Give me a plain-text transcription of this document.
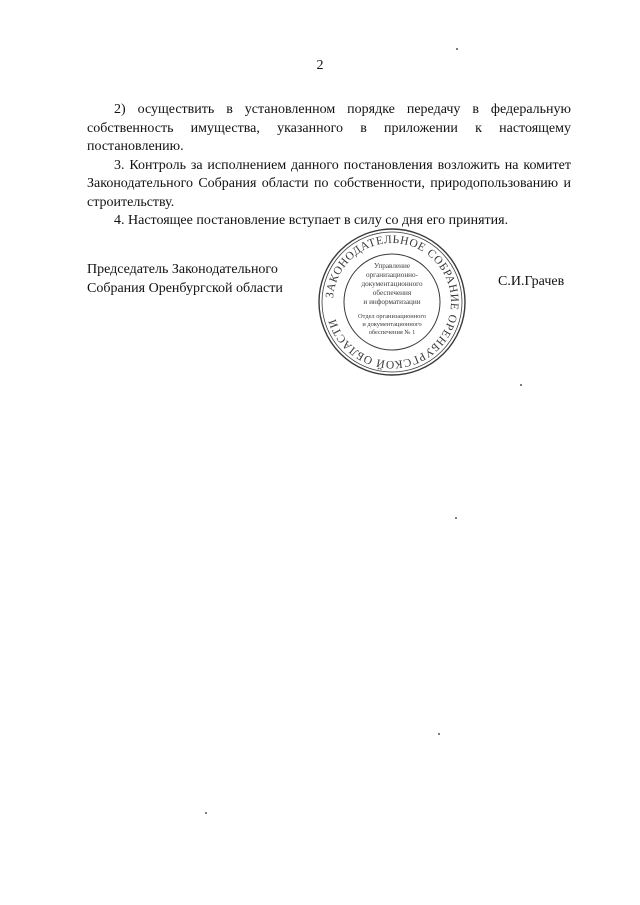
2

2) осуществить в установленном порядке передачу в федеральную собственность имущества, указанного в приложении к настоящему постановлению.

3. Контроль за исполнением данного постановления возложить на комитет Законодательного Собрания области по собственности, природопользованию и строительству.

4. Настоящее постановление вступает в силу со дня его принятия.

Председатель Законодательного
Собрания Оренбургской области	С.И.Грачев
ЗАКОНОДАТЕЛЬНОЕ СОБРАНИЕ ОРЕНБУРГСКОЙ ОБЛАСТИ
Управление
организационно-
документационного
обеспечения
и информатизации
Отдел организационного
и документационного
обеспечения № 1
